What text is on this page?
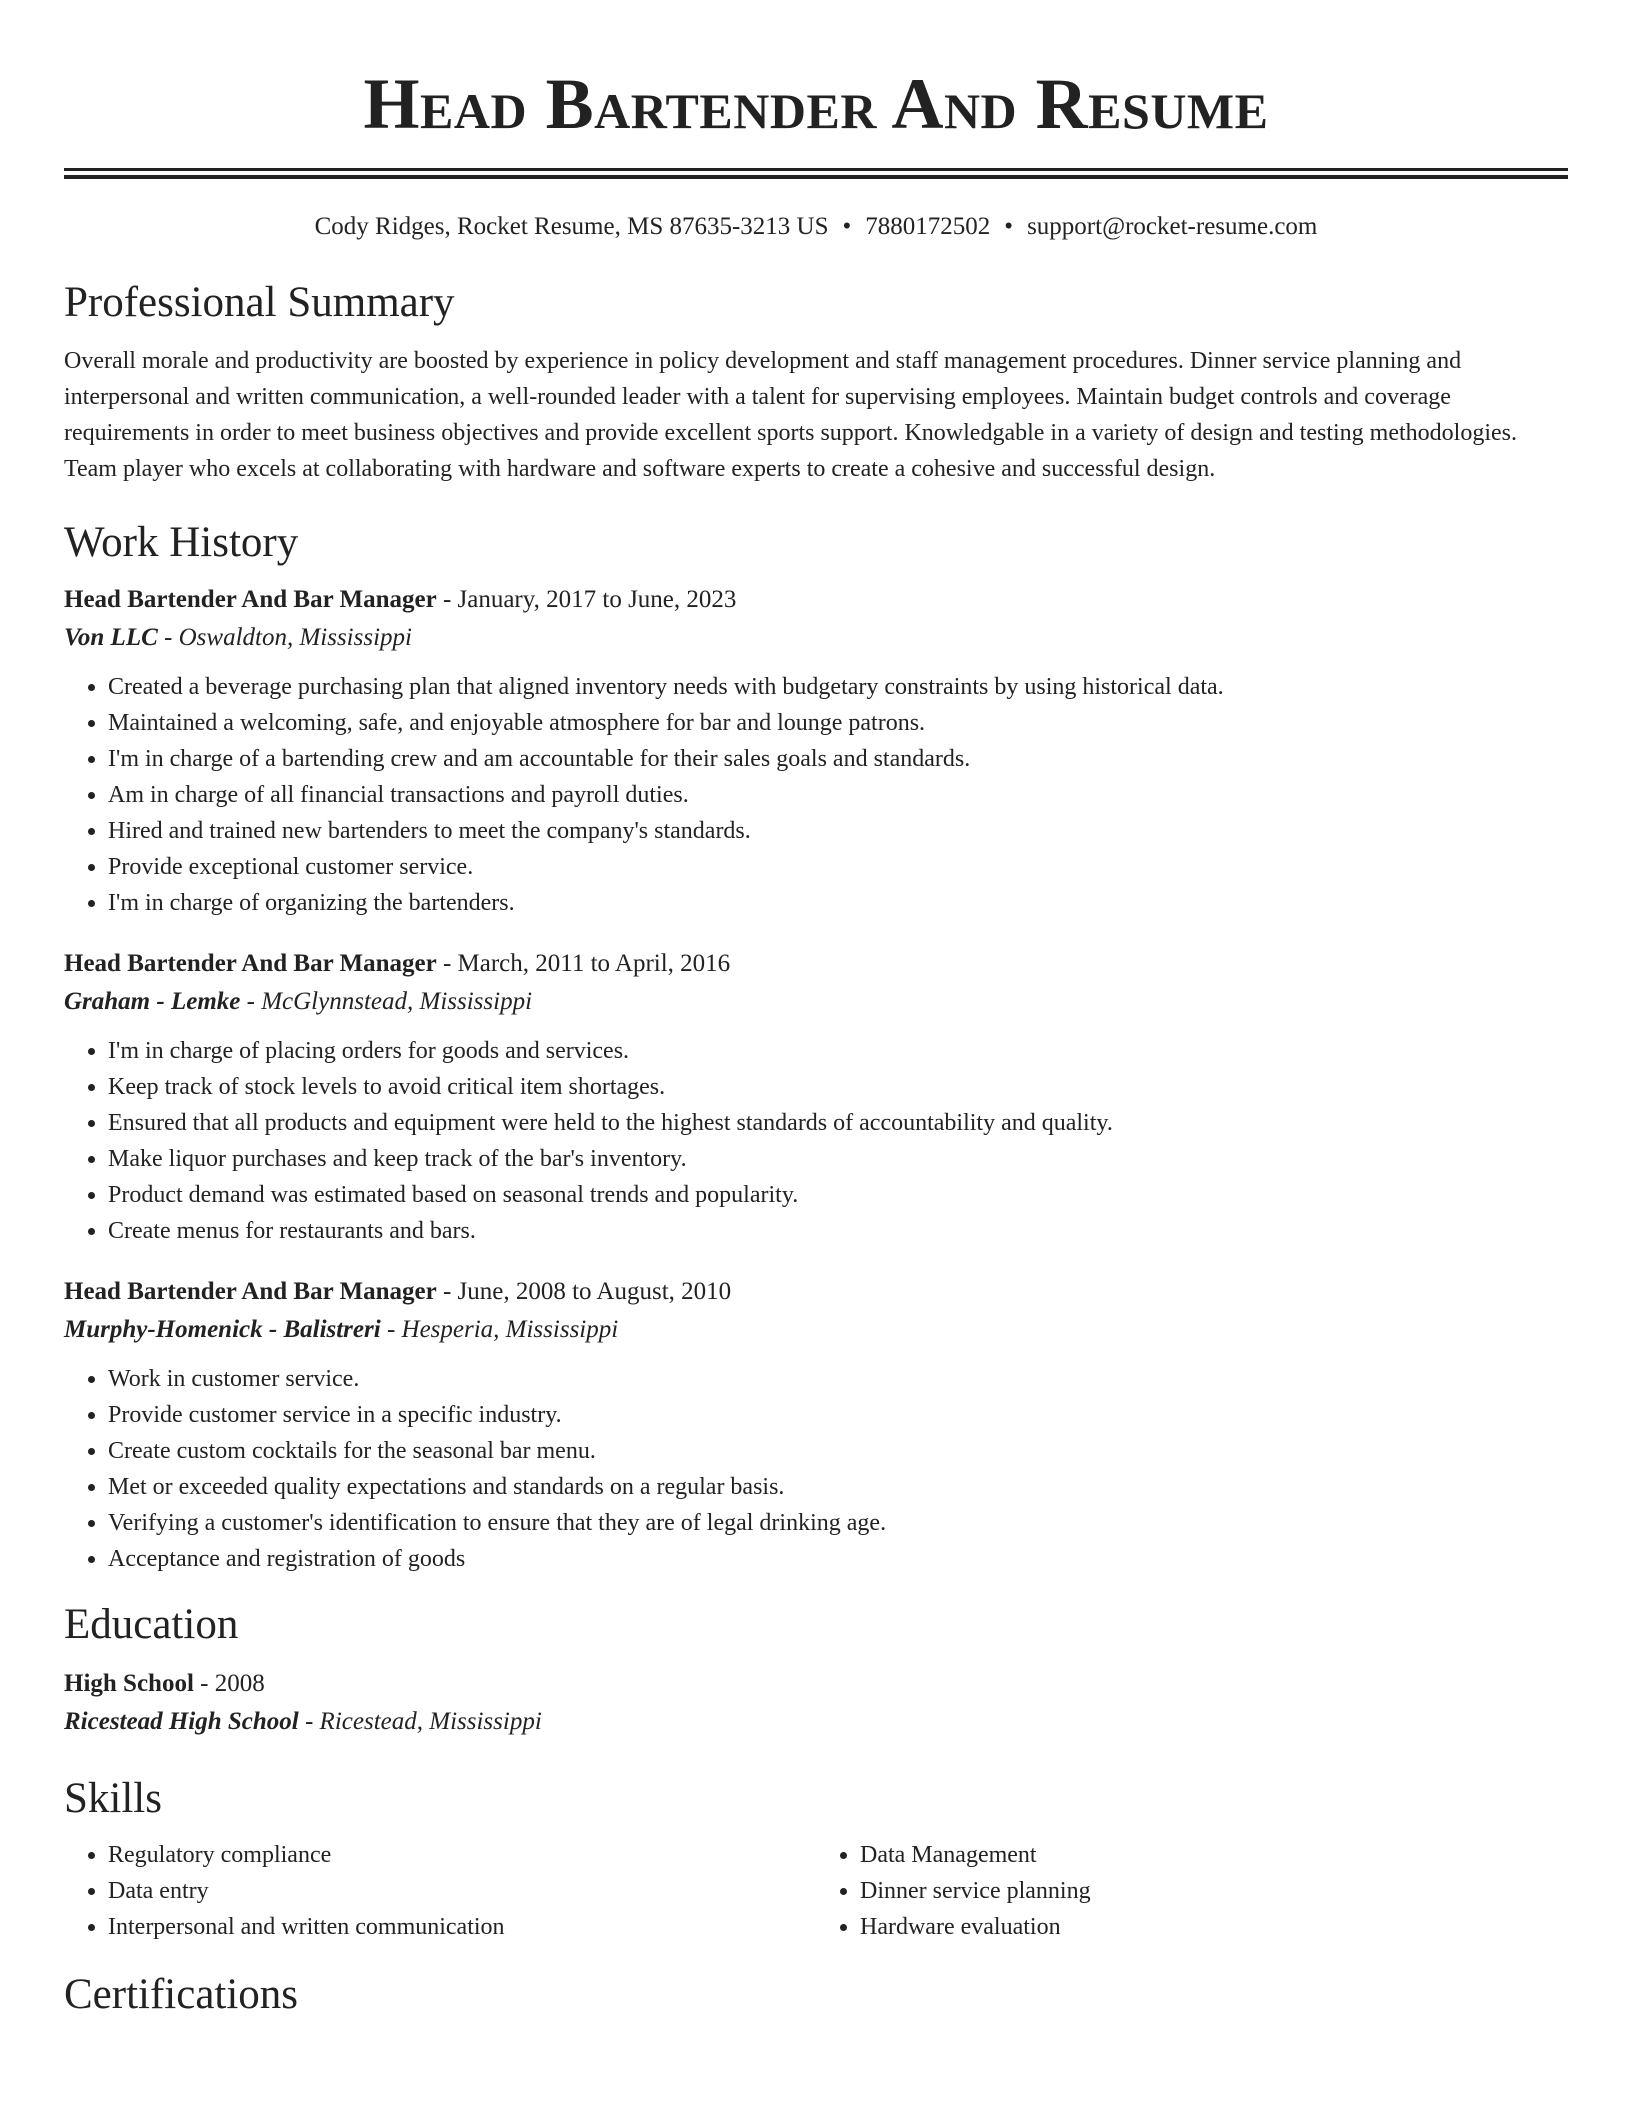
Head Bartender And Resume
Cody Ridges, Rocket Resume, MS 87635-3213 US • 7880172502 • support@rocket-resume.com
Professional Summary
Overall morale and productivity are boosted by experience in policy development and staff management procedures. Dinner service planning and interpersonal and written communication, a well-rounded leader with a talent for supervising employees. Maintain budget controls and coverage requirements in order to meet business objectives and provide excellent sports support. Knowledgable in a variety of design and testing methodologies. Team player who excels at collaborating with hardware and software experts to create a cohesive and successful design.
Work History
Head Bartender And Bar Manager - January, 2017 to June, 2023
Von LLC - Oswaldton, Mississippi
• Created a beverage purchasing plan that aligned inventory needs with budgetary constraints by using historical data.
• Maintained a welcoming, safe, and enjoyable atmosphere for bar and lounge patrons.
• I'm in charge of a bartending crew and am accountable for their sales goals and standards.
• Am in charge of all financial transactions and payroll duties.
• Hired and trained new bartenders to meet the company's standards.
• Provide exceptional customer service.
• I'm in charge of organizing the bartenders.
Head Bartender And Bar Manager - March, 2011 to April, 2016
Graham - Lemke - McGlynnstead, Mississippi
• I'm in charge of placing orders for goods and services.
• Keep track of stock levels to avoid critical item shortages.
• Ensured that all products and equipment were held to the highest standards of accountability and quality.
• Make liquor purchases and keep track of the bar's inventory.
• Product demand was estimated based on seasonal trends and popularity.
• Create menus for restaurants and bars.
Head Bartender And Bar Manager - June, 2008 to August, 2010
Murphy-Homenick - Balistreri - Hesperia, Mississippi
• Work in customer service.
• Provide customer service in a specific industry.
• Create custom cocktails for the seasonal bar menu.
• Met or exceeded quality expectations and standards on a regular basis.
• Verifying a customer's identification to ensure that they are of legal drinking age.
• Acceptance and registration of goods
Education
High School - 2008
Ricestead High School - Ricestead, Mississippi
Skills
• Regulatory compliance
• Data entry
• Interpersonal and written communication
• Data Management
• Dinner service planning
• Hardware evaluation
Certifications
